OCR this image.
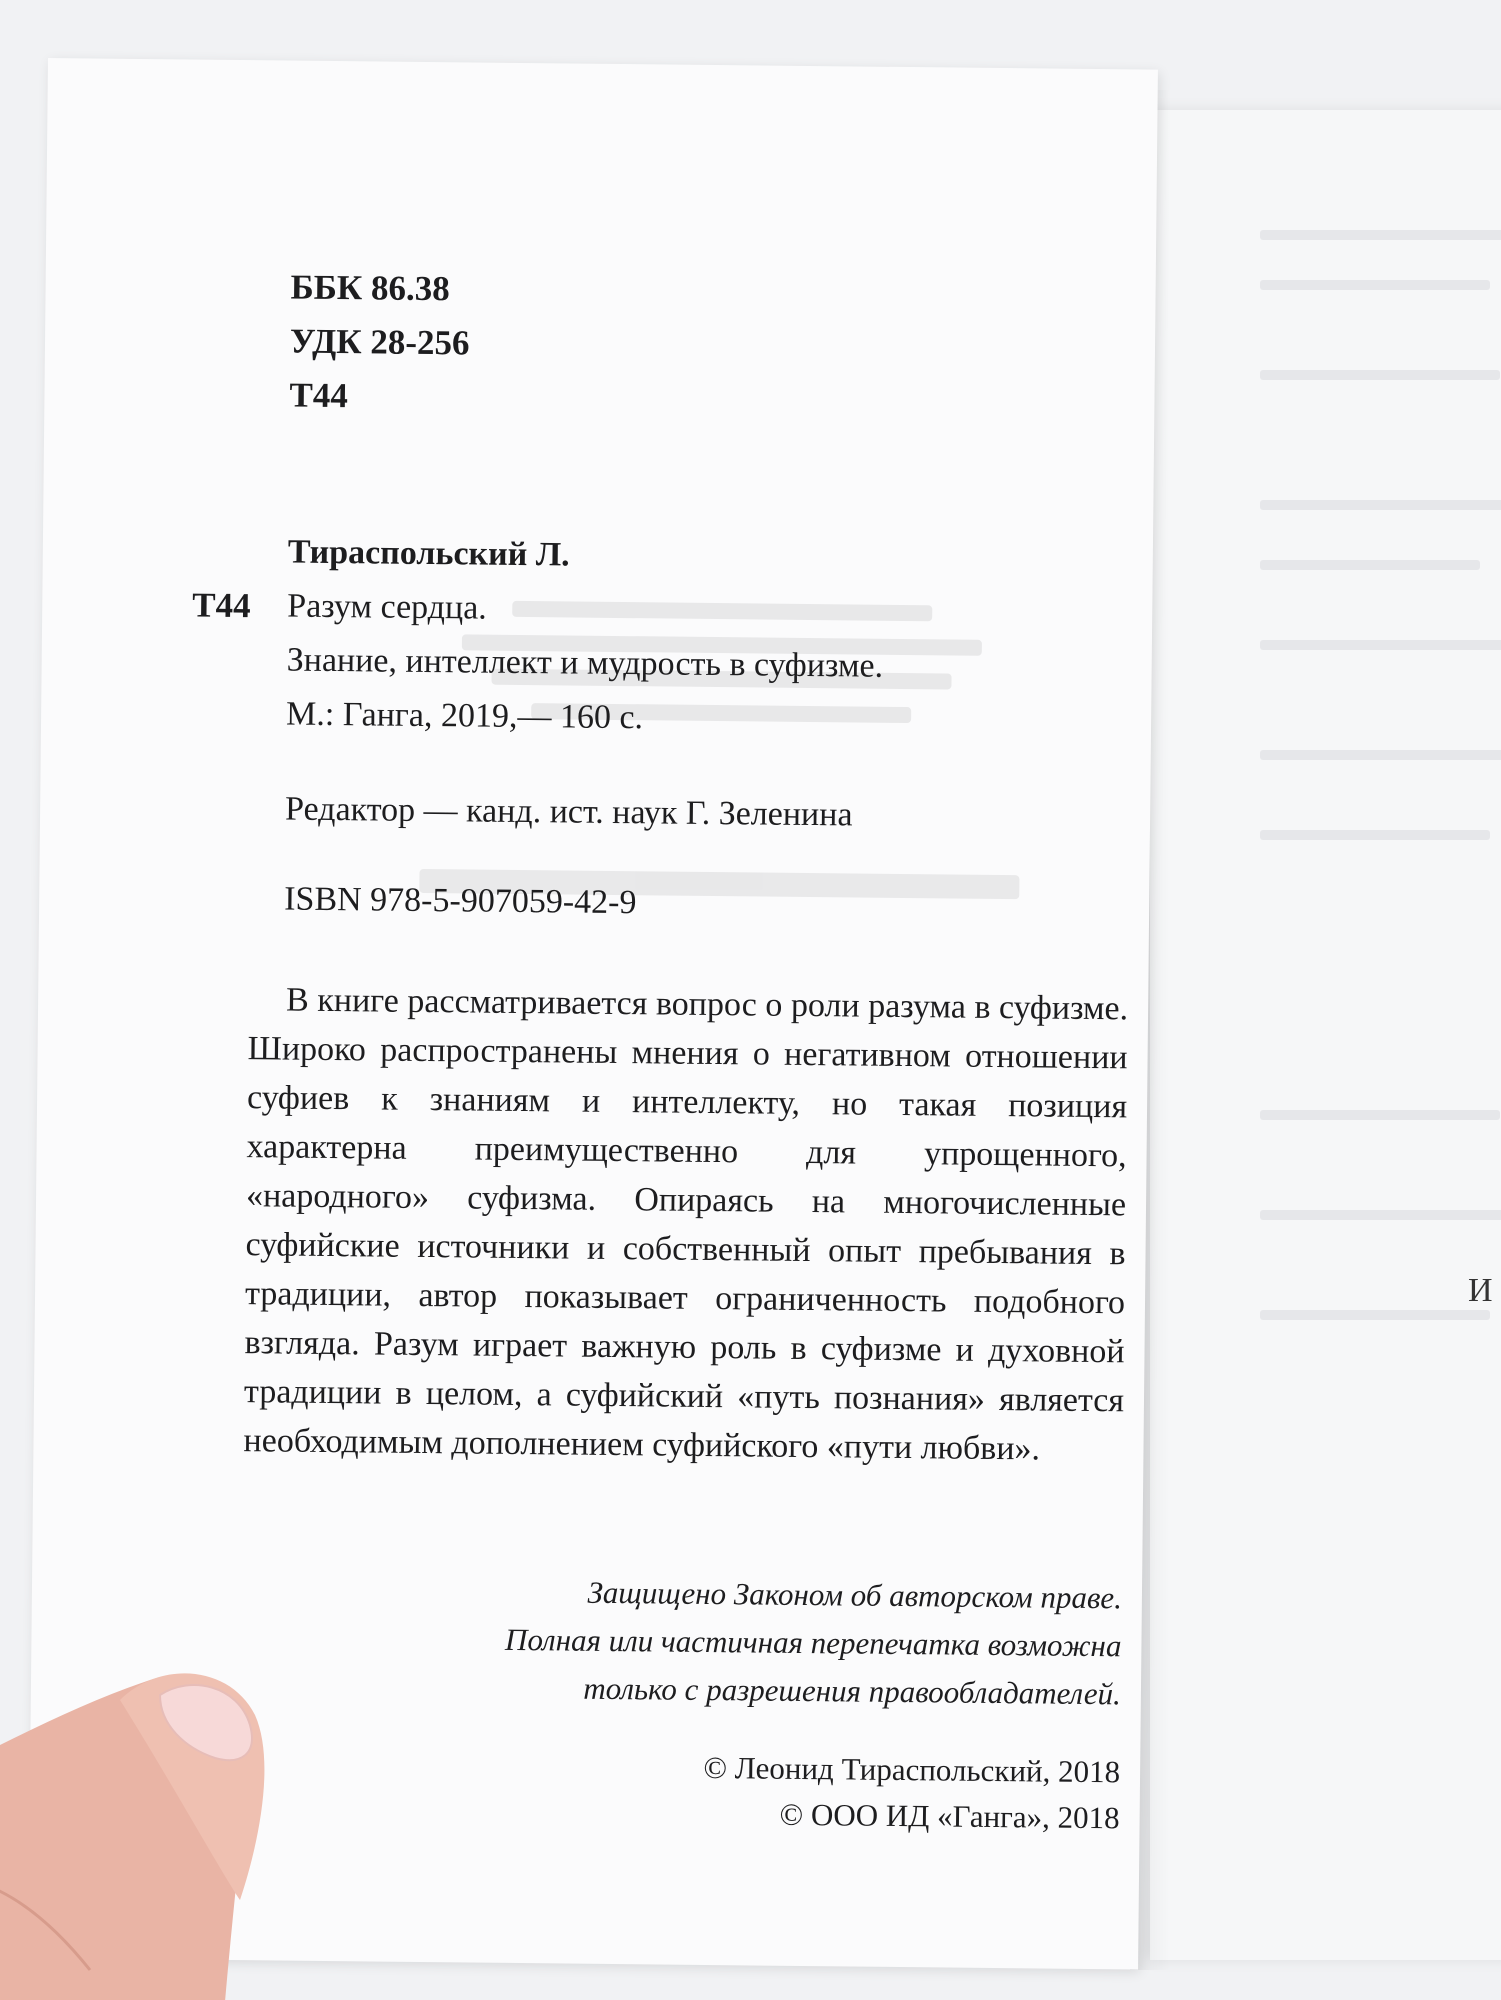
И

ББК 86.38
УДК 28-256
Т44
Т44
Тираспольский Л.
Разум сердца.
Знание, интеллект и мудрость в суфизме.
М.: Ганга, 2019,— 160 с.
Редактор — канд. ист. наук Г. Зеленина
ISBN 978-5-907059-42-9

В книге рассматривается вопрос о роли разума в суфизме. Широко распространены мнения о негативном отношении суфиев к знаниям и интеллекту, но такая позиция характерна преимущественно для упрощенного, «народного» суфизма. Опираясь на многочисленные суфийские источники и собственный опыт пребывания в традиции, автор показывает ограниченность подобного взгляда. Разум играет важную роль в суфизме и духовной традиции в целом, а суфийский «путь познания» является необходимым дополнением суфийского «пути любви».

Защищено Законом об авторском праве.
Полная или частичная перепечатка возможна
только с разрешения правообладателей.
© Леонид Тираспольский, 2018
© ООО ИД «Ганга», 2018
